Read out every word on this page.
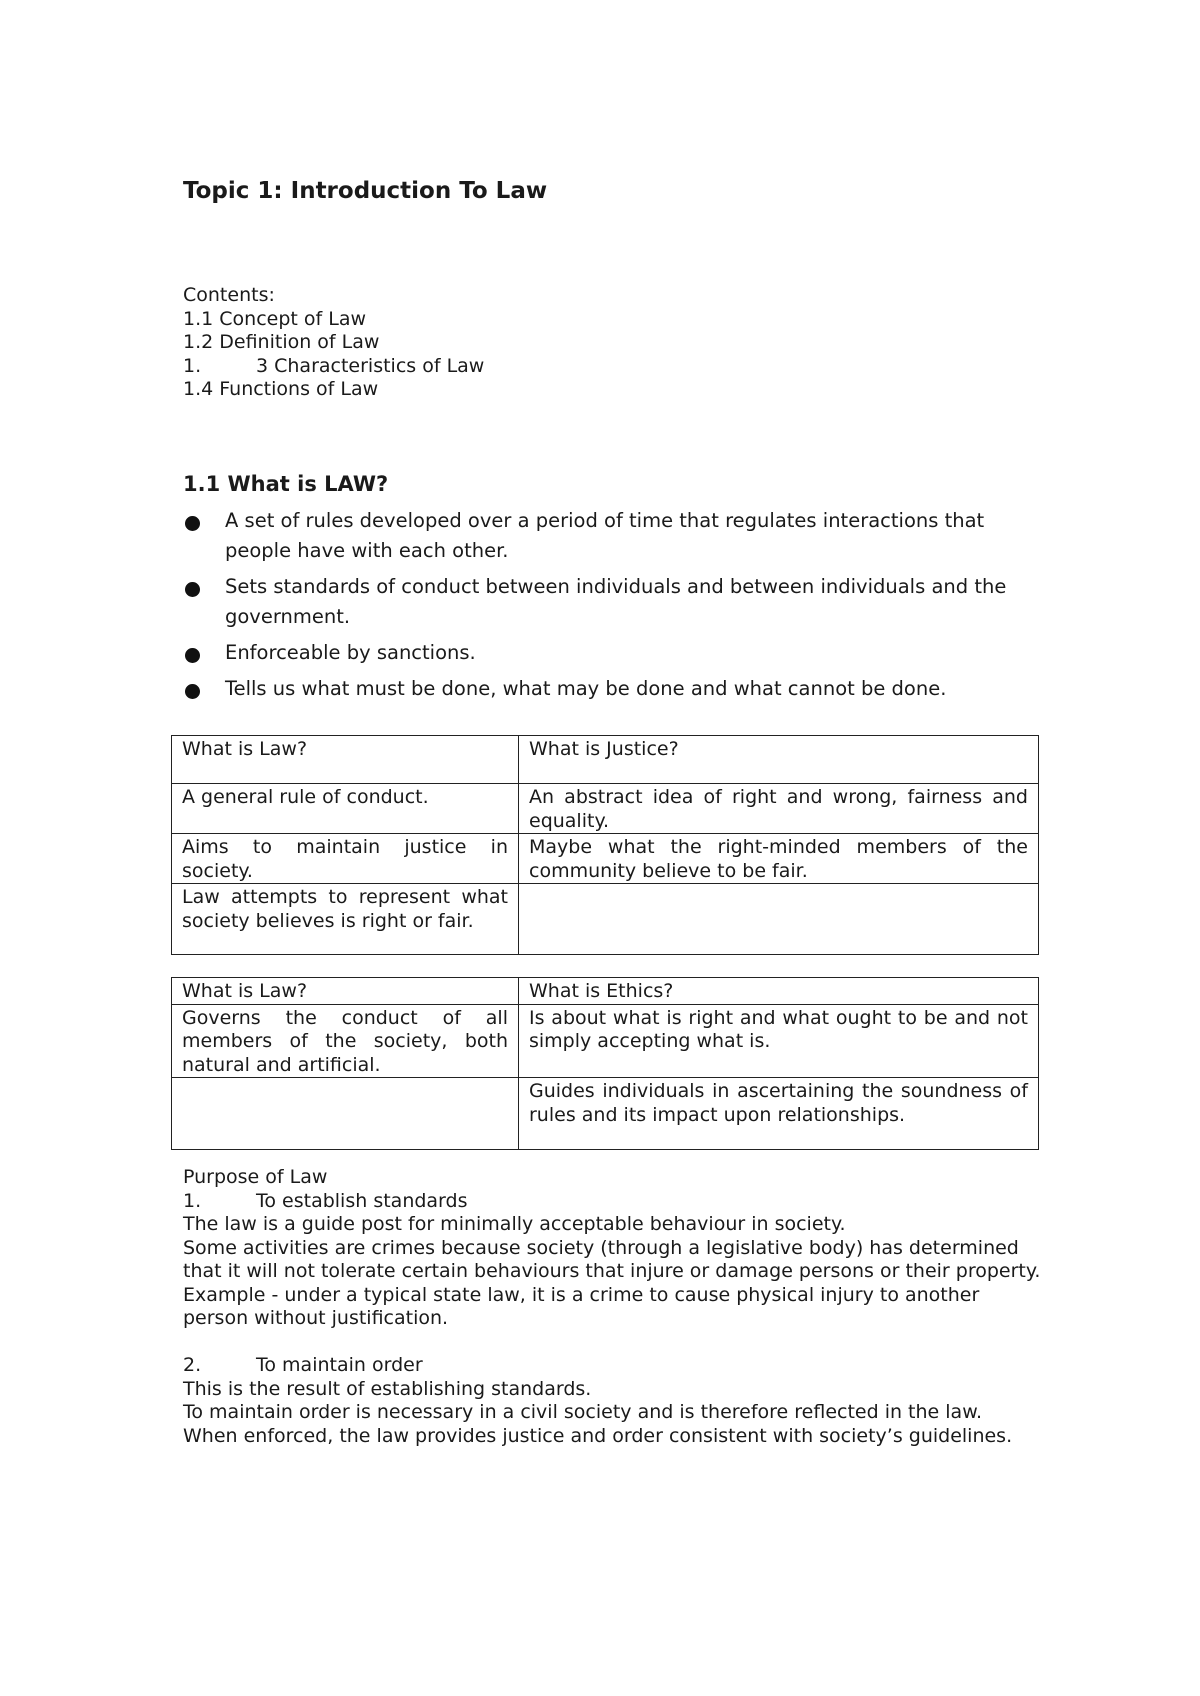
Topic 1: Introduction To Law
Contents:
1.1 Concept of Law
1.2 Definition of Law
1.	3 Characteristics of Law
1.4 Functions of Law
1.1 What is LAW?
A set of rules developed over a period of time that regulates interactions that people have with each other.
Sets standards of conduct between individuals and between individuals and the government.
Enforceable by sanctions.
Tells us what must be done, what may be done and what cannot be done.
What is Law?	What is Justice?
A general rule of conduct.	An abstract idea of right and wrong, fairness and equality.
Aims to maintain justice in society.	Maybe what the right-minded members of the community believe to be fair.
Law attempts to represent what society believes is right or fair.	
What is Law?	What is Ethics?
Governs the conduct of all members of the society, both natural and artificial.	Is about what is right and what ought to be and not simply accepting what is.
	Guides individuals in ascertaining the soundness of rules and its impact upon relationships.

Purpose of Law

1.	To establish standards

The law is a guide post for minimally acceptable behaviour in society.

Some activities are crimes because society (through a legislative body) has determined that it will not tolerate certain behaviours that injure or damage persons or their property.

Example - under a typical state law, it is a crime to cause physical injury to another person without justification.

2.	To maintain order

This is the result of establishing standards.

To maintain order is necessary in a civil society and is therefore reflected in the law.

When enforced, the law provides justice and order consistent with society’s guidelines.
